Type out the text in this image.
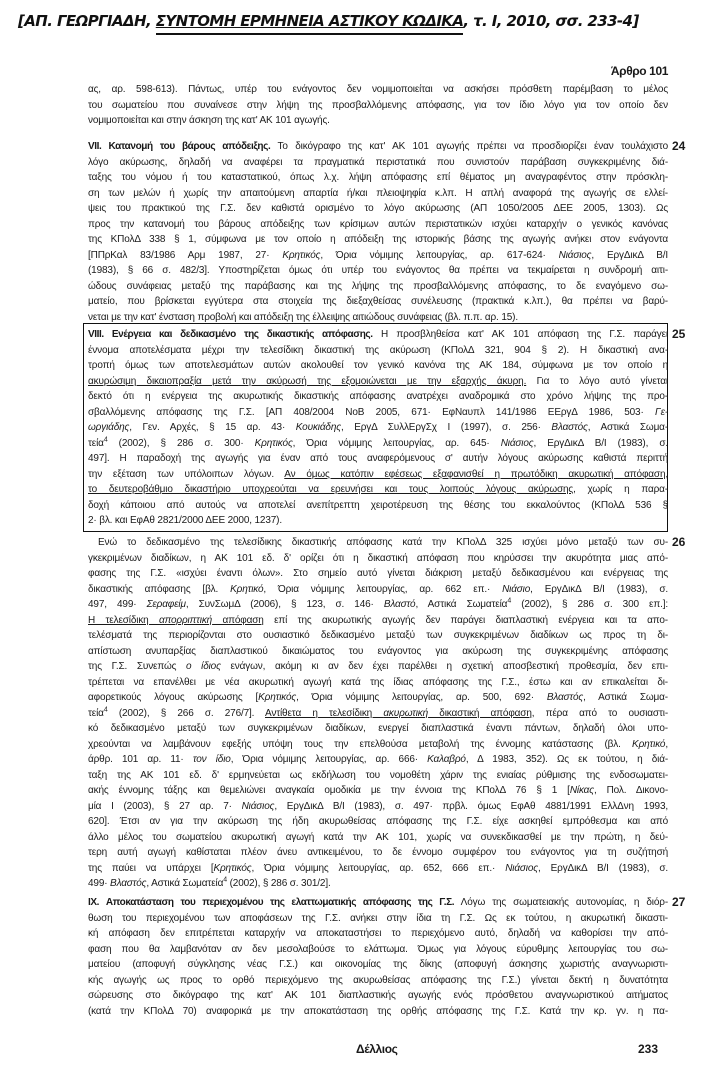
[ΑΠ. ΓΕΩΡΓΙΑΔΗ, ΣΥΝΤΟΜΗ ΕΡΜΗΝΕΙΑ ΑΣΤΙΚΟΥ ΚΩΔΙΚΑ, τ. Ι, 2010, σσ. 233-4]
Άρθρο 101
ας, αρ. 598-613). Πάντως, υπέρ του ενάγοντος δεν νομιμοποιείται να ασκήσει πρόσθετη παρέμβαση το μέλος
του σωματείου που συναίνεσε στην λήψη της προσβαλλόμενης απόφασης, για τον ίδιο λόγο για τον οποίο δεν
νομιμοποιείται και στην άσκηση της κατ' ΑΚ 101 αγωγής.
24
VII. Κατανομή του βάρους απόδειξης. Το δικόγραφο της κατ' ΑΚ 101 αγωγής πρέπει να προσδιορίζει έναν τουλάχιστο
λόγο ακύρωσης, δηλαδή να αναφέρει τα πραγματικά περιστατικά που συνιστούν παράβαση συγκεκριμένης διά-
ταξης του νόμου ή του καταστατικού, όπως λ.χ. λήψη απόφασης επί θέματος μη αναγραφέντος στην πρόσκλη-
ση των μελών ή χωρίς την απαιτούμενη απαρτία ή/και πλειοψηφία κ.λπ. Η απλή αναφορά της αγωγής σε ελλεί-
ψεις του πρακτικού της Γ.Σ. δεν καθιστά ορισμένο το λόγο ακύρωσης (ΑΠ 1050/2005 ΔΕΕ 2005, 1303). Ως
προς την κατανομή του βάρους απόδειξης των κρίσιμων αυτών περιστατικών ισχύει καταρχήν ο γενικός κανόνας
της ΚΠολΔ 338 § 1, σύμφωνα με τον οποίο η απόδειξη της ιστορικής βάσης της αγωγής ανήκει στον ενάγοντα
[ΠΠρΚαλ 83/1986 Αρμ 1987, 27· Κρητικός, Όρια νόμιμης λειτουργίας, αρ. 617-624· Νιάσιος, ΕργΔικΔ Β/Ι
(1983), § 66 σ. 482/3]. Υποστηρίζεται όμως ότι υπέρ του ενάγοντος θα πρέπει να τεκμαίρεται η συνδρομή αιτι-
ώδους συνάφειας μεταξύ της παράβασης και της λήψης της προσβαλλόμενης απόφασης, το δε εναγόμενο σω-
ματείο, που βρίσκεται εγγύτερα στα στοιχεία της διεξαχθείσας συνέλευσης (πρακτικά κ.λπ.), θα πρέπει να βαρύ-
νεται με την κατ' ένσταση προβολή και απόδειξη της έλλειψης αιτιώδους συνάφειας (βλ. π.π. αρ. 15).
25
VIII. Ενέργεια και δεδικασμένο της δικαστικής απόφασης. Η προσβληθείσα κατ' ΑΚ 101 απόφαση της Γ.Σ. παράγει
έννομα αποτελέσματα μέχρι την τελεσίδικη δικαστική της ακύρωση (ΚΠολΔ 321, 904 § 2). Η δικαστική ανα-
τροπή όμως των αποτελεσμάτων αυτών ακολουθεί τον γενικό κανόνα της ΑΚ 184, σύμφωνα με τον οποίο η
ακυρώσιμη δικαιοπραξία μετά την ακύρωσή της εξομοιώνεται με την εξαρχής άκυρη. Για το λόγο αυτό γίνεται
δεκτό ότι η ενέργεια της ακυρωτικής δικαστικής απόφασης ανατρέχει αναδρομικά στο χρόνο λήψης της προ-
σβαλλόμενης απόφασης της Γ.Σ. [ΑΠ 408/2004 ΝοΒ 2005, 671· ΕφΝαυπλ 141/1986 ΕΕργΔ 1986, 503· Γε-
ωργιάδης, Γεν. Αρχές, § 15 αρ. 43· Κουκιάδης, ΕργΔ ΣυλλΕργΣχ Ι (1997), σ. 256· Βλαστός, Αστικά Σωμα-
τεία$^4$ (2002), § 286 σ. 300· Κρητικός, Όρια νόμιμης λειτουργίας, αρ. 645· Νιάσιος, ΕργΔικΔ Β/Ι (1983), σ.
497]. Η παραδοχή της αγωγής για έναν από τους αναφερόμενους σ' αυτήν λόγους ακύρωσης καθιστά περιττή
την εξέταση των υπόλοιπων λόγων. Αν όμως κατόπιν εφέσεως εξαφανισθεί η πρωτόδικη ακυρωτική απόφαση,
το δευτεροβάθμιο δικαστήριο υποχρεούται να ερευνήσει και τους λοιπούς λόγους ακύρωσης, χωρίς η παρα-
δοχή κάποιου από αυτούς να αποτελεί ανεπίτρεπτη χειροτέρευση της θέσης του εκκαλούντος (ΚΠολΔ 536 §
2· βλ. και ΕφΑθ 2821/2000 ΔΕΕ 2000, 1237).
26
Ενώ το δεδικασμένο της τελεσίδικης δικαστικής απόφασης κατά την ΚΠολΔ 325 ισχύει μόνο μεταξύ των συ-
γκεκριμένων διαδίκων, η ΑΚ 101 εδ. δ' ορίζει ότι η δικαστική απόφαση που κηρύσσει την ακυρότητα μιας από-
φασης της Γ.Σ. «ισχύει έναντι όλων». Στο σημείο αυτό γίνεται διάκριση μεταξύ δεδικασμένου και ενέργειας της
δικαστικής απόφασης [βλ. Κρητικό, Όρια νόμιμης λειτουργίας, αρ. 662 επ.· Νιάσιο, ΕργΔικΔ Β/Ι (1983), σ.
497, 499· Σεραφείμ, ΣυνΣωμΔ (2006), § 123, σ. 146· Βλαστό, Αστικά Σωματεία$^4$ (2002), § 286 σ. 300 επ.]:
Η τελεσίδικη απορριπτική απόφαση επί της ακυρωτικής αγωγής δεν παράγει διαπλαστική ενέργεια και τα απο-
τελέσματά της περιορίζονται στο ουσιαστικό δεδικασμένο μεταξύ των συγκεκριμένων διαδίκων ως προς τη δι-
απίστωση ανυπαρξίας διαπλαστικού δικαιώματος του ενάγοντος για ακύρωση της συγκεκριμένης απόφασης
της Γ.Σ. Συνεπώς ο ίδιος ενάγων, ακόμη κι αν δεν έχει παρέλθει η σχετική αποσβεστική προθεσμία, δεν επι-
τρέπεται να επανέλθει με νέα ακυρωτική αγωγή κατά της ίδιας απόφασης της Γ.Σ., έστω και αν επικαλείται δι-
αφορετικούς λόγους ακύρωσης [Κρητικός, Όρια νόμιμης λειτουργίας, αρ. 500, 692· Βλαστός, Αστικά Σωμα-
τεία$^4$ (2002), § 266 σ. 276/7]. Αντίθετα η τελεσίδικη ακυρωτική δικαστική απόφαση, πέρα από το ουσιαστι-
κό δεδικασμένο μεταξύ των συγκεκριμένων διαδίκων, ενεργεί διαπλαστικά έναντι πάντων, δηλαδή όλοι υπο-
χρεούνται να λαμβάνουν εφεξής υπόψη τους την επελθούσα μεταβολή της έννομης κατάστασης (βλ. Κρητικό,
άρθρ. 101 αρ. 11· τον ίδιο, Όρια νόμιμης λειτουργίας, αρ. 666· Καλαβρό, Δ 1983, 352). Ως εκ τούτου, η διά-
ταξη της ΑΚ 101 εδ. δ' ερμηνεύεται ως εκδήλωση του νομοθέτη χάριν της ενιαίας ρύθμισης της ενδοσωματει-
ακής έννομης τάξης και θεμελιώνει αναγκαία ομοδικία με την έννοια της ΚΠολΔ 76 § 1 [Νίκας, Πολ. Δικονο-
μία Ι (2003), § 27 αρ. 7· Νιάσιος, ΕργΔικΔ Β/Ι (1983), σ. 497· πρβλ. όμως ΕφΑθ 4881/1991 ΕλλΔνη 1993,
620]. Έτσι αν για την ακύρωση της ήδη ακυρωθείσας απόφασης της Γ.Σ. είχε ασκηθεί εμπρόθεσμα και από
άλλο μέλος του σωματείου ακυρωτική αγωγή κατά την ΑΚ 101, χωρίς να συνεκδικασθεί με την πρώτη, η δεύ-
τερη αυτή αγωγή καθίσταται πλέον άνευ αντικειμένου, το δε έννομο συμφέρον του ενάγοντος για τη συζήτησή
της παύει να υπάρχει [Κρητικός, Όρια νόμιμης λειτουργίας, αρ. 652, 666 επ.· Νιάσιος, ΕργΔικΔ Β/Ι (1983), σ.
499· Βλαστός, Αστικά Σωματεία$^4$ (2002), § 286 σ. 301/2].
27
IX. Αποκατάσταση του περιεχομένου της ελαττωματικής απόφασης της Γ.Σ. Λόγω της σωματειακής αυτονομίας, η διόρ-
θωση του περιεχομένου των αποφάσεων της Γ.Σ. ανήκει στην ίδια τη Γ.Σ. Ως εκ τούτου, η ακυρωτική δικαστι-
κή απόφαση δεν επιτρέπεται καταρχήν να αποκαταστήσει το περιεχόμενο αυτό, δηλαδή να καθορίσει την από-
φαση που θα λαμβανόταν αν δεν μεσολαβούσε το ελάττωμα. Όμως για λόγους εύρυθμης λειτουργίας του σω-
ματείου (αποφυγή σύγκλησης νέας Γ.Σ.) και οικονομίας της δίκης (αποφυγή άσκησης χωριστής αναγνωριστι-
κής αγωγής ως προς το ορθό περιεχόμενο της ακυρωθείσας απόφασης της Γ.Σ.) γίνεται δεκτή η δυνατότητα
σώρευσης στο δικόγραφο της κατ' ΑΚ 101 διαπλαστικής αγωγής ενός πρόσθετου αναγνωριστικού αιτήματος
(κατά την ΚΠολΔ 70) αναφορικά με την αποκατάσταση της ορθής απόφασης της Γ.Σ. Κατά την κρ. γν. η πα-
Δέλλιος	233
